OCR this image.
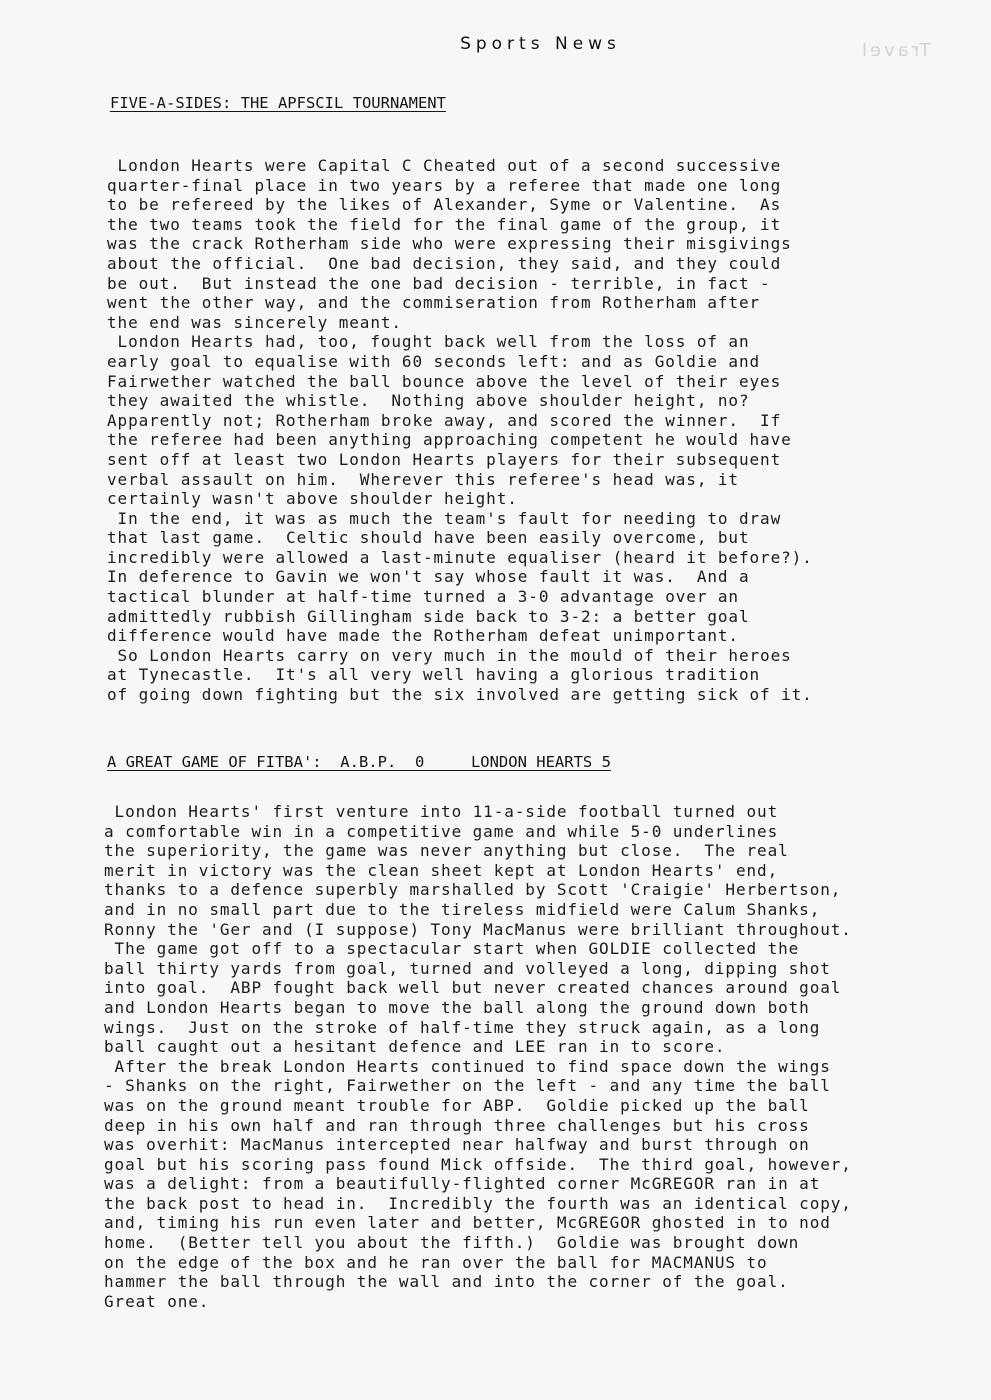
Travel
Sports News
FIVE-A-SIDES: THE APFSCIL TOURNAMENT
London Hearts were Capital C Cheated out of a second successive
quarter-final place in two years by a referee that made one long
to be refereed by the likes of Alexander, Syme or Valentine.  As
the two teams took the field for the final game of the group, it
was the crack Rotherham side who were expressing their misgivings
about the official.  One bad decision, they said, and they could
be out.  But instead the one bad decision - terrible, in fact -
went the other way, and the commiseration from Rotherham after
the end was sincerely meant.
London Hearts had, too, fought back well from the loss of an
early goal to equalise with 60 seconds left: and as Goldie and
Fairwether watched the ball bounce above the level of their eyes
they awaited the whistle.  Nothing above shoulder height, no?
Apparently not; Rotherham broke away, and scored the winner.  If
the referee had been anything approaching competent he would have
sent off at least two London Hearts players for their subsequent
verbal assault on him.  Wherever this referee's head was, it
certainly wasn't above shoulder height.
In the end, it was as much the team's fault for needing to draw
that last game.  Celtic should have been easily overcome, but
incredibly were allowed a last-minute equaliser (heard it before?).
In deference to Gavin we won't say whose fault it was.  And a
tactical blunder at half-time turned a 3-0 advantage over an
admittedly rubbish Gillingham side back to 3-2: a better goal
difference would have made the Rotherham defeat unimportant.
So London Hearts carry on very much in the mould of their heroes
at Tynecastle.  It's all very well having a glorious tradition
of going down fighting but the six involved are getting sick of it.
A GREAT GAME OF FITBA':  A.B.P.  0     LONDON HEARTS 5
London Hearts' first venture into 11-a-side football turned out
a comfortable win in a competitive game and while 5-0 underlines
the superiority, the game was never anything but close.  The real
merit in victory was the clean sheet kept at London Hearts' end,
thanks to a defence superbly marshalled by Scott 'Craigie' Herbertson,
and in no small part due to the tireless midfield were Calum Shanks,
Ronny the 'Ger and (I suppose) Tony MacManus were brilliant throughout.
The game got off to a spectacular start when GOLDIE collected the
ball thirty yards from goal, turned and volleyed a long, dipping shot
into goal.  ABP fought back well but never created chances around goal
and London Hearts began to move the ball along the ground down both
wings.  Just on the stroke of half-time they struck again, as a long
ball caught out a hesitant defence and LEE ran in to score.
After the break London Hearts continued to find space down the wings
- Shanks on the right, Fairwether on the left - and any time the ball
was on the ground meant trouble for ABP.  Goldie picked up the ball
deep in his own half and ran through three challenges but his cross
was overhit: MacManus intercepted near halfway and burst through on
goal but his scoring pass found Mick offside.  The third goal, however,
was a delight: from a beautifully-flighted corner McGREGOR ran in at
the back post to head in.  Incredibly the fourth was an identical copy,
and, timing his run even later and better, McGREGOR ghosted in to nod
home.  (Better tell you about the fifth.)  Goldie was brought down
on the edge of the box and he ran over the ball for MACMANUS to
hammer the ball through the wall and into the corner of the goal.
Great one.
